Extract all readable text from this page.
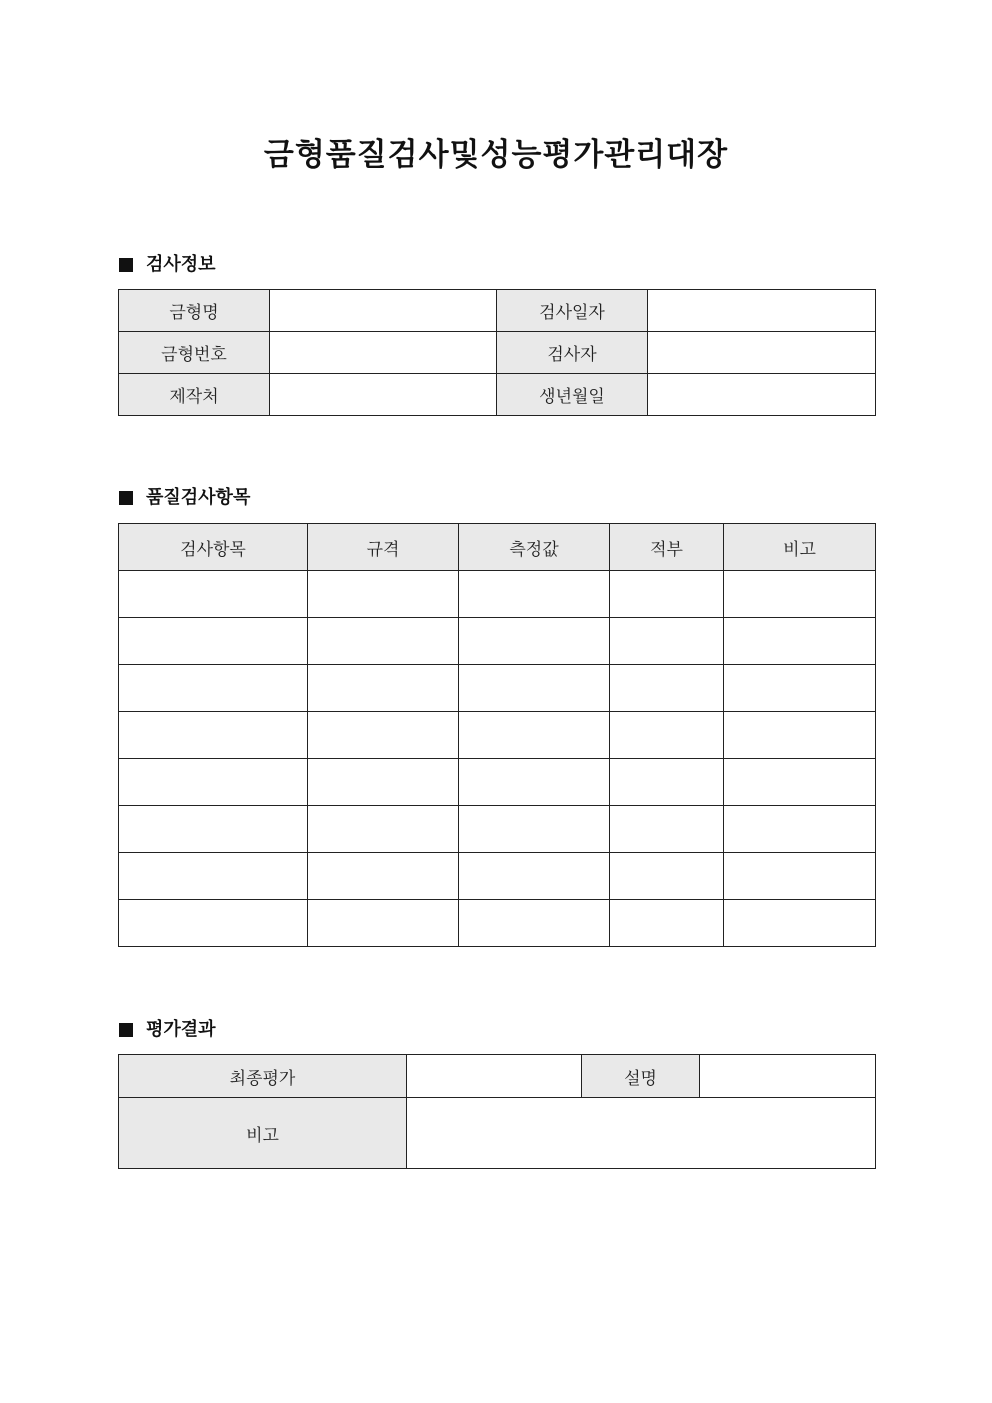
금형품질검사및성능평가관리대장
검사정보
금형명		검사일자	
금형번호		검사자	
제작처		생년월일	
품질검사항목
검사항목	규격	측정값	적부	비고

평가결과
최종평가		설명	
비고			
